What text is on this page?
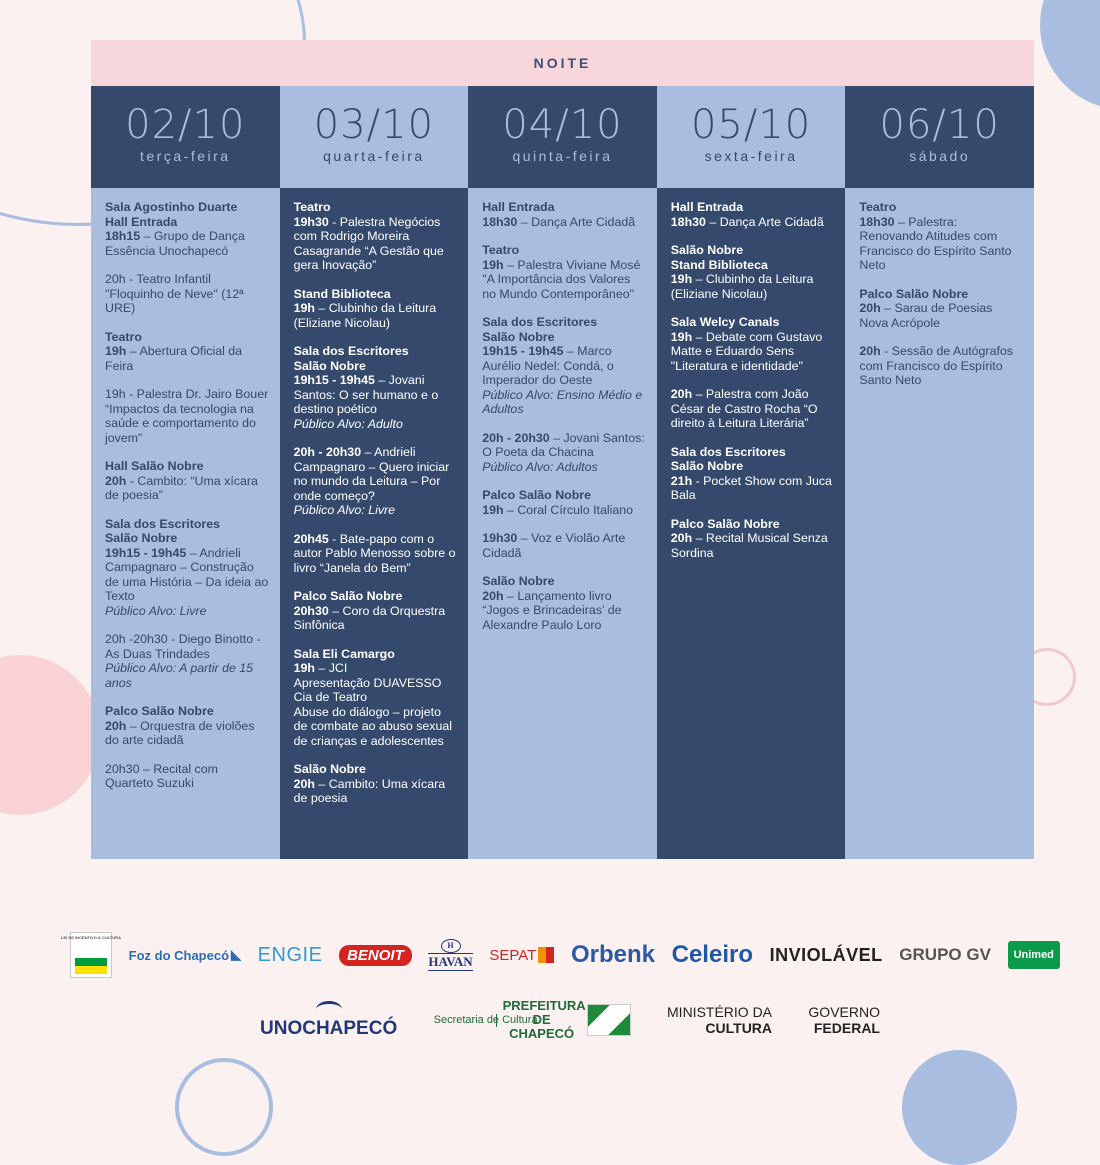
NOITE
02/10
terça-feira
Sala Agostinho Duarte
Hall Entrada
18h15 – Grupo de Dança Essência Unochapecó
20h - Teatro Infantil "Floquinho de Neve" (12ª URE)
Teatro
19h – Abertura Oficial da Feira
19h - Palestra Dr. Jairo Bouer “Impactos da tecnologia na saúde e comportamento do jovem”
Hall Salão Nobre
20h - Cambito: “Uma xícara de poesia”
Sala dos Escritores
Salão Nobre
19h15 - 19h45 – Andrieli Campagnaro – Construção de uma História – Da ideia ao Texto
Público Alvo: Livre
20h -20h30 - Diego Binotto - As Duas Trindades
Público Alvo: A partir de 15 anos
Palco Salão Nobre
20h – Orquestra de violões do arte cidadã
20h30 – Recital com Quarteto Suzuki
03/10
quarta-feira
Teatro
19h30 - Palestra Negócios com Rodrigo Moreira Casagrande “A Gestão que gera Inovação”
Stand Biblioteca
19h – Clubinho da Leitura (Eliziane Nicolau)
Sala dos Escritores
Salão Nobre
19h15 - 19h45 – Jovani Santos: O ser humano e o destino poético
Público Alvo: Adulto
20h - 20h30 – Andrieli Campagnaro – Quero iniciar no mundo da Leitura – Por onde começo?
Público Alvo: Livre
20h45 - Bate-papo com o autor Pablo Menosso sobre o livro “Janela do Bem”
Palco Salão Nobre
20h30 – Coro da Orquestra Sinfônica
Sala Eli Camargo
19h – JCI
Apresentação DUAVESSO Cia de Teatro
Abuse do diálogo – projeto de combate ao abuso sexual de crianças e adolescentes
Salão Nobre
20h – Cambito: Uma xícara de poesia
04/10
quinta-feira
Hall Entrada
18h30 – Dança Arte Cidadã
Teatro
19h – Palestra Viviane Mosé "A Importância dos Valores no Mundo Contemporâneo"
Sala dos Escritores
Salão Nobre
19h15 - 19h45 – Marco Aurélio Nedel: Condá, o Imperador do Oeste
Público Alvo: Ensino Médio e Adultos
20h - 20h30 – Jovani Santos: O Poeta da Chacina
Público Alvo: Adultos
Palco Salão Nobre
19h – Coral Círculo Italiano
19h30 – Voz e Violão Arte Cidadã
Salão Nobre
20h – Lançamento livro “Jogos e Brincadeiras’ de Alexandre Paulo Loro
05/10
sexta-feira
Hall Entrada
18h30 – Dança Arte Cidadã
Salão Nobre
Stand Biblioteca
19h – Clubinho da Leitura (Eliziane Nicolau)
Sala Welcy Canals
19h – Debate com Gustavo Matte e Eduardo Sens "Literatura e identidade"
20h – Palestra com João César de Castro Rocha “O direito à Leitura Literária”
Sala dos Escritores
Salão Nobre
21h - Pocket Show com Juca Bala
Palco Salão Nobre
20h – Recital Musical Senza Sordina
06/10
sábado
Teatro
18h30 – Palestra: Renovando Atitudes com Francisco do Espírito Santo Neto
Palco Salão Nobre
20h – Sarau de Poesias Nova Acrópole
20h - Sessão de Autógrafos com Francisco do Espírito Santo Neto
LEI DE INCENTIVO À CULTURA
Foz do Chapecó ◣ ENGIE BENOIT
H
HAVAN SEPAT Orbenk Celeiro INVIOLÁVEL GRUPO GV Unimed
UNOCHAPECÓ	Secretaria de Cultura
PREFEITURA DE CHAPECÓ
MINISTÉRIO DA
CULTURA
GOVERNO
FEDERAL
